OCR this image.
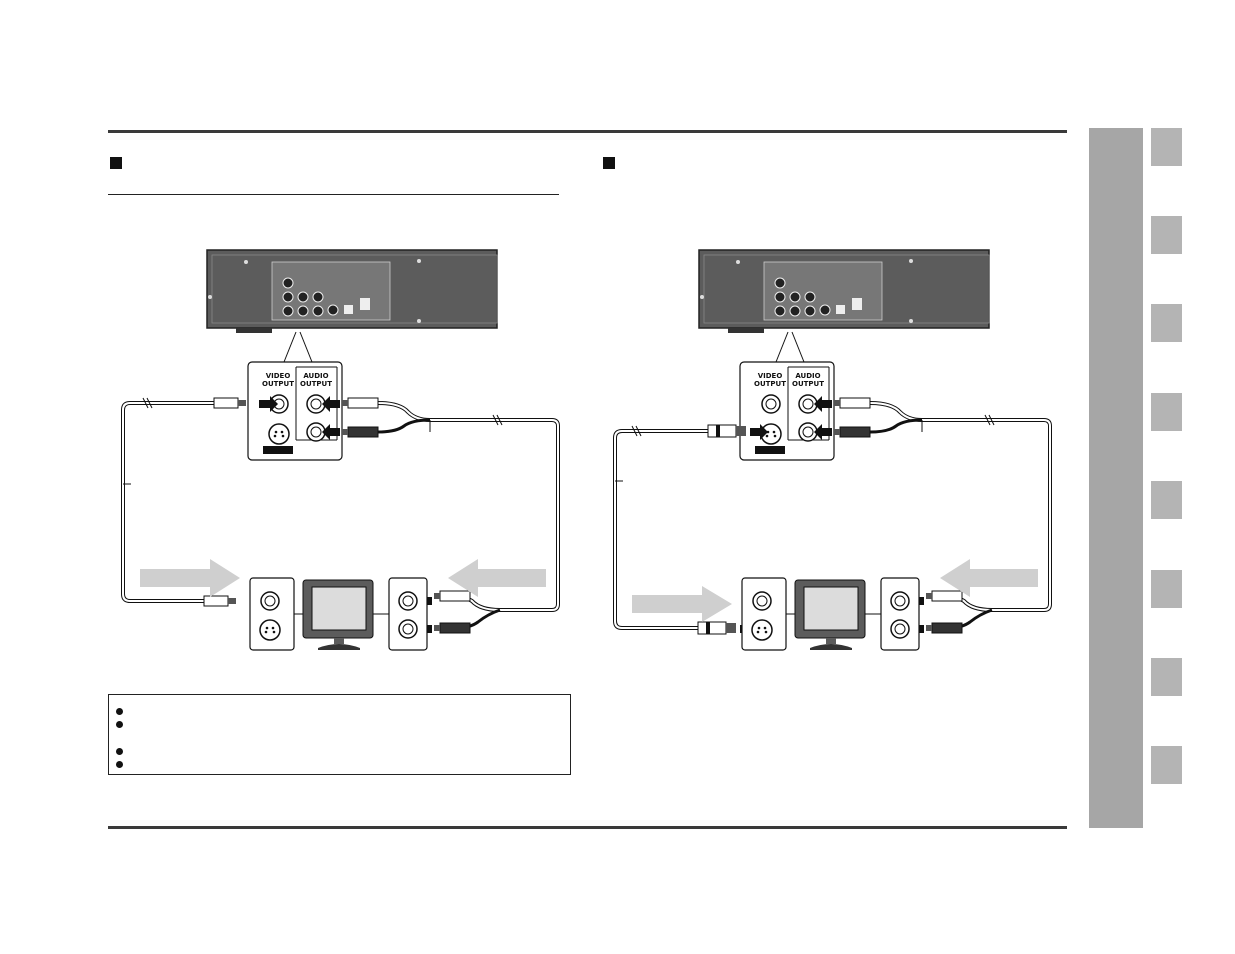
VIDEO
OUTPUT
AUDIO
OUTPUT
S-VIDEO
VIDEO
OUTPUT
AUDIO
OUTPUT
S-VIDEO
